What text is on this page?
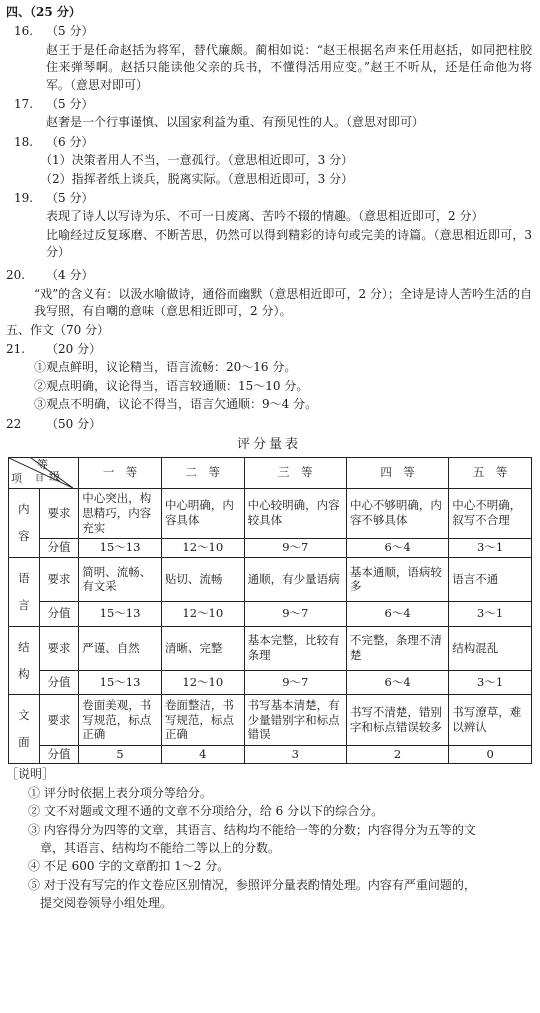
四、（25 分）
16.	（5 分）
赵王于是任命赵括为将军，替代廉颇。蔺相如说：“赵王根据名声来任用赵括，如同把柱胶住来弹琴啊。赵括只能读他父亲的兵书，不懂得活用应变。”赵王不听从，还是任命他为将军。（意思对即可）
17.	（5 分）
赵奢是一个行事谨慎、以国家利益为重、有预见性的人。（意思对即可）
18.	（6 分）
（1）决策者用人不当，一意孤行。（意思相近即可，3 分）
（2）指挥者纸上谈兵，脱离实际。（意思相近即可，3 分）
19.	（5 分）
表现了诗人以写诗为乐、不可一日废离、苦吟不辍的情趣。（意思相近即可，2 分）
比喻经过反复琢磨、不断苦思，仍然可以得到精彩的诗句或完美的诗篇。（意思相近即可，3 分）
20.	（4 分）
“戏”的含义有：以汲水喻做诗，通俗而幽默（意思相近即可，2 分）；全诗是诗人苦吟生活的自我写照，有自嘲的意味（意思相近即可，2 分）。
五、作文（70 分）
21.	（20 分）
①观点鲜明，议论精当，语言流畅：20～16 分。
②观点明确，议论得当，语言较通顺：15～10 分。
③观点不明确，议论不得当，语言欠通顺：9～4 分。
22	（50 分）
评分量表
等
级
项 目		一　等	二　等	三　等	四　等	五　等

内
容	要求	中心突出，构思精巧，内容充实	中心明确，内容具体	中心较明确，内容较具体	中心不够明确，内容不够具体	中心不明确，叙写不合理
	分值	15～13	12～10	9～7	6～4	3～1

语
言	要求	简明、流畅、有文采	贴切、流畅	通顺，有少量语病	基本通顺，语病较多	语言不通
	分值	15～13	12～10	9～7	6～4	3～1

结
构	要求	严谨、自然	清晰、完整	基本完整，比较有条理	不完整，条理不清楚	结构混乱
	分值	15～13	12～10	9～7	6～4	3～1

文
面	要求	卷面美观，书写规范，标点正确	卷面整洁，书写规范，标点正确	书写基本清楚，有少量错别字和标点错误	书写不清楚，错别字和标点错误较多	书写潦草，难以辨认
	分值	5	4	3	2	0
［说明］
① 评分时依据上表分项分等给分。
② 文不对题或文理不通的文章不分项给分，给 6 分以下的综合分。
③ 内容得分为四等的文章，其语言、结构均不能给一等的分数；内容得分为五等的文
章，其语言、结构均不能给二等以上的分数。
④ 不足 600 字的文章酌扣 1～2 分。
⑤ 对于没有写完的作文卷应区别情况，参照评分量表酌情处理。内容有严重问题的，
提交阅卷领导小组处理。
